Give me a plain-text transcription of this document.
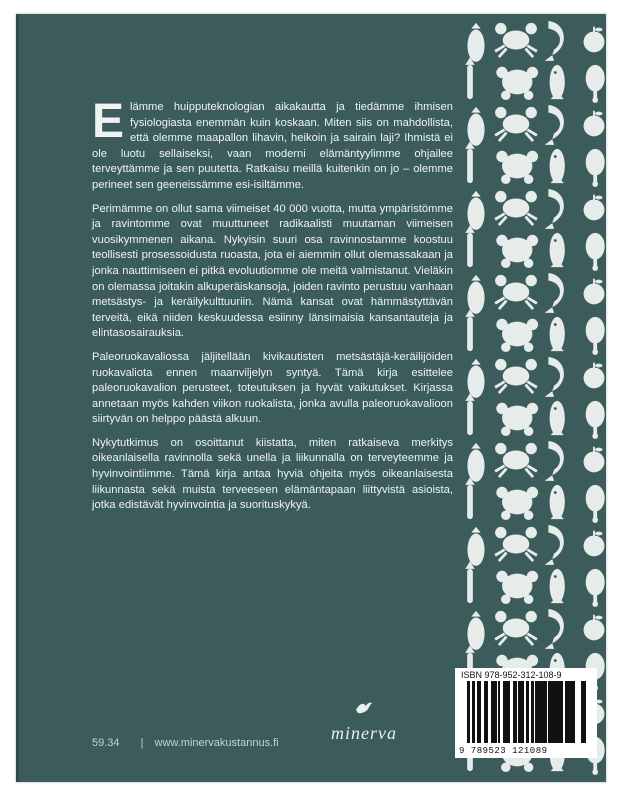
Elämme huipputeknologian aikakautta ja tiedämme ihmisen fysiologiasta enemmän kuin koskaan. Miten siis on mahdollista, että olemme maapallon lihavin, heikoin ja sairain laji? Ihmistä ei ole luotu sellaiseksi, vaan moderni elämäntyylimme ohjailee terveyttämme ja sen puutetta. Ratkaisu meillä kuitenkin on jo – olemme perineet sen geeneissämme esi-isiltämme.

Perimämme on ollut sama viimeiset 40 000 vuotta, mutta ympäristömme ja ravintomme ovat muuttuneet radikaalisti muutaman viimeisen vuosikymmenen aikana. Nykyisin suuri osa ravinnostamme koostuu teollisesti prosessoidusta ruoasta, jota ei aiemmin ollut olemassakaan ja jonka nauttimiseen ei pitkä evoluutiomme ole meitä valmistanut. Vieläkin on olemassa joitakin alkuperäiskansoja, joiden ravinto perustuu vanhaan metsästys- ja keräilykulttuuriin. Nämä kansat ovat hämmästyttävän terveitä, eikä niiden keskuudessa esiinny länsimaisia kansantauteja ja elintasosairauksia.

Paleoruokavaliossa jäljitellään kivikautisten metsästäjä-keräilijöiden ruokavaliota ennen maanviljelyn syntyä. Tämä kirja esittelee paleoruokavalion perusteet, toteutuksen ja hyvät vaikutukset. Kirjassa annetaan myös kahden viikon ruokalista, jonka avulla paleoruokavalioon siirtyvän on helppo päästä alkuun.

Nykytutkimus on osoittanut kiistatta, miten ratkaiseva merkitys oikeanlaisella ravinnolla sekä unella ja liikunnalla on terveyteemme ja hyvinvointiimme. Tämä kirja antaa hyviä ohjeita myös oikeanlaisesta liikunnasta sekä muista terveeseen elämäntapaan liittyvistä asioista, jotka edistävät hyvinvointia ja suorituskykyä.

59.34 | www.minervakustannus.fi	minerva
ISBN 978-952-312-108-9
9 789523 121089
